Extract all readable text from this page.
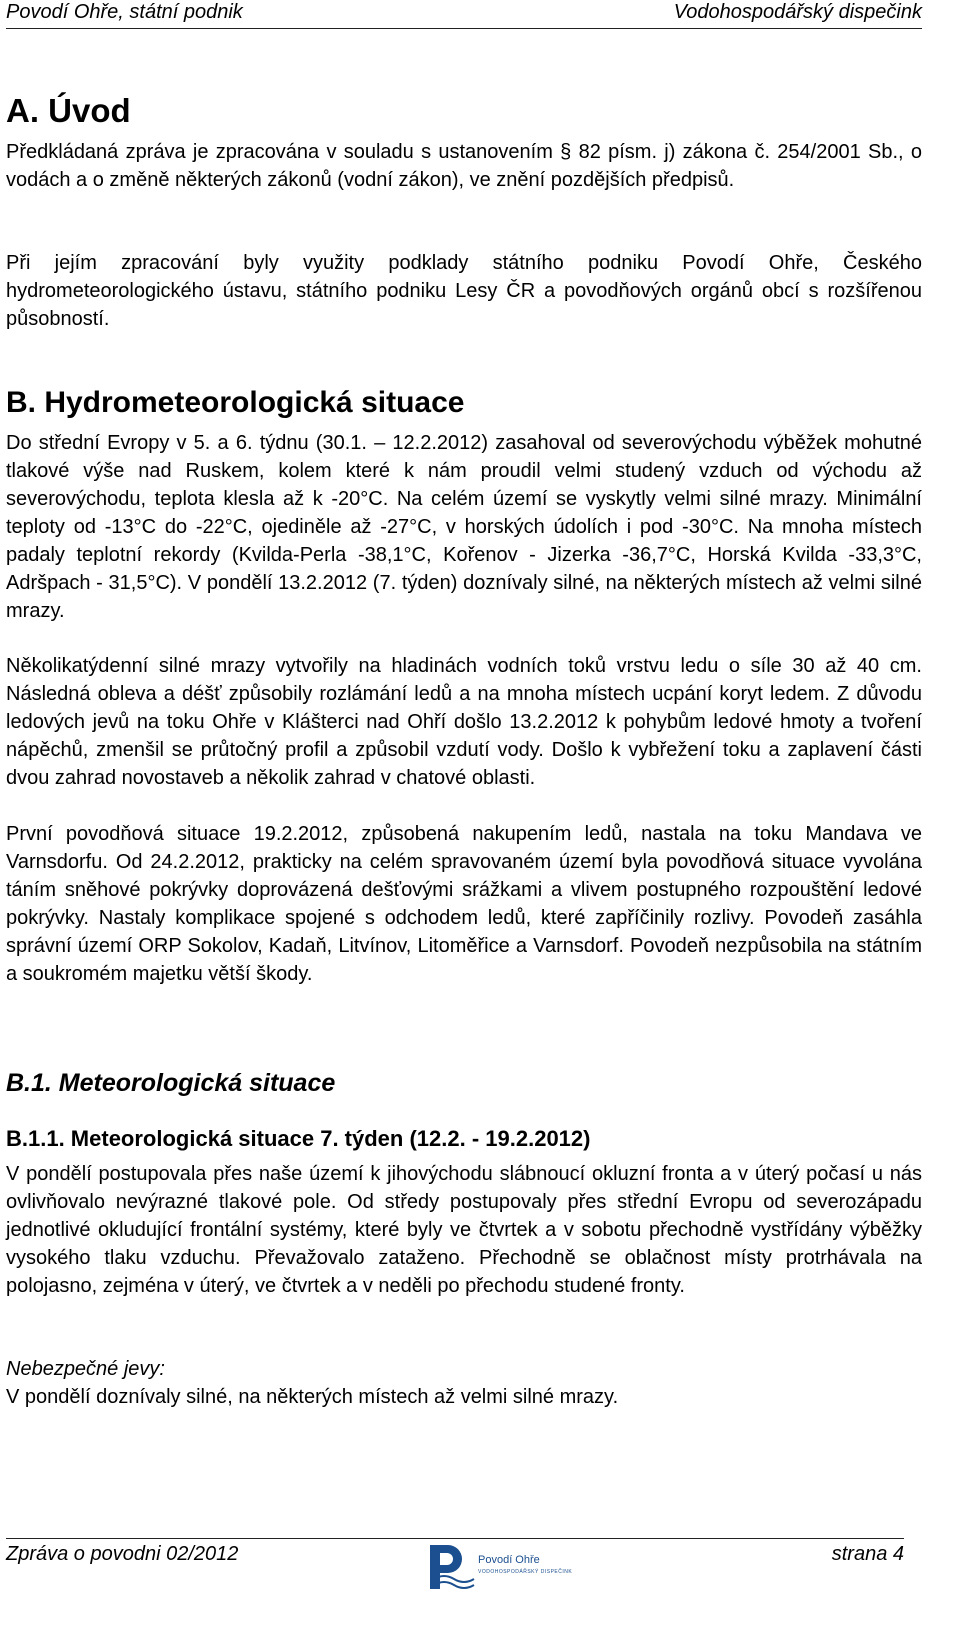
Povodí Ohře, státní podnik	Vodohospodářský dispečink
A. Úvod

Předkládaná zpráva je zpracována v souladu s ustanovením § 82 písm. j) zákona č. 254/2001 Sb., o vodách a o změně některých zákonů (vodní zákon), ve znění pozdějších předpisů.

Při jejím zpracování byly využity podklady státního podniku Povodí Ohře, Českého hydrometeorologického ústavu, státního podniku Lesy ČR a povodňových orgánů obcí s rozšířenou působností.

B. Hydrometeorologická situace

Do střední Evropy v 5. a 6. týdnu (30.1. – 12.2.2012) zasahoval od severovýchodu výběžek mohutné tlakové výše nad Ruskem, kolem které k nám proudil velmi studený vzduch od východu až severovýchodu, teplota klesla až k -20°C. Na celém území se vyskytly velmi silné mrazy. Minimální teploty od -13°C do -22°C, ojediněle až -27°C, v horských údolích i pod -30°C. Na mnoha místech padaly teplotní rekordy (Kvilda-Perla -38,1°C, Kořenov - Jizerka -36,7°C, Horská Kvilda -33,3°C, Adršpach - 31,5°C). V pondělí 13.2.2012 (7. týden) doznívaly silné, na některých místech až velmi silné mrazy.

Několikatýdenní silné mrazy vytvořily na hladinách vodních toků vrstvu ledu o síle 30 až 40 cm. Následná obleva a déšť způsobily rozlámání ledů a na mnoha místech ucpání koryt ledem. Z důvodu ledových jevů na toku Ohře v Klášterci nad Ohří došlo 13.2.2012 k pohybům ledové hmoty a tvoření nápěchů, zmenšil se průtočný profil a způsobil vzdutí vody. Došlo k vybřežení toku a zaplavení části dvou zahrad novostaveb a několik zahrad v chatové oblasti.

První povodňová situace 19.2.2012, způsobená nakupením ledů, nastala na toku Mandava ve Varnsdorfu. Od 24.2.2012, prakticky na celém spravovaném území byla povodňová situace vyvolána táním sněhové pokrývky doprovázená dešťovými srážkami a vlivem postupného rozpouštění ledové pokrývky. Nastaly komplikace spojené s odchodem ledů, které zapříčinily rozlivy. Povodeň zasáhla správní území ORP Sokolov, Kadaň, Litvínov, Litoměřice a Varnsdorf. Povodeň nezpůsobila na státním a soukromém majetku větší škody.

B.1. Meteorologická situace
B.1.1. Meteorologická situace 7. týden (12.2. - 19.2.2012)

V pondělí postupovala přes naše území k jihovýchodu slábnoucí okluzní fronta a v úterý počasí u nás ovlivňovalo nevýrazné tlakové pole. Od středy postupovaly přes střední Evropu od severozápadu jednotlivé okludující frontální systémy, které byly ve čtvrtek a v sobotu přechodně vystřídány výběžky vysokého tlaku vzduchu. Převažovalo zataženo. Přechodně se oblačnost místy protrhávala na polojasno, zejména v úterý, ve čtvrtek a v neděli po přechodu studené fronty.

Nebezpečné jevy:

V pondělí doznívaly silné, na některých místech až velmi silné mrazy.

Zpráva o povodni 02/2012	Povodí Ohře
VODOHOSPODÁŘSKÝ DISPEČINK
strana 4
